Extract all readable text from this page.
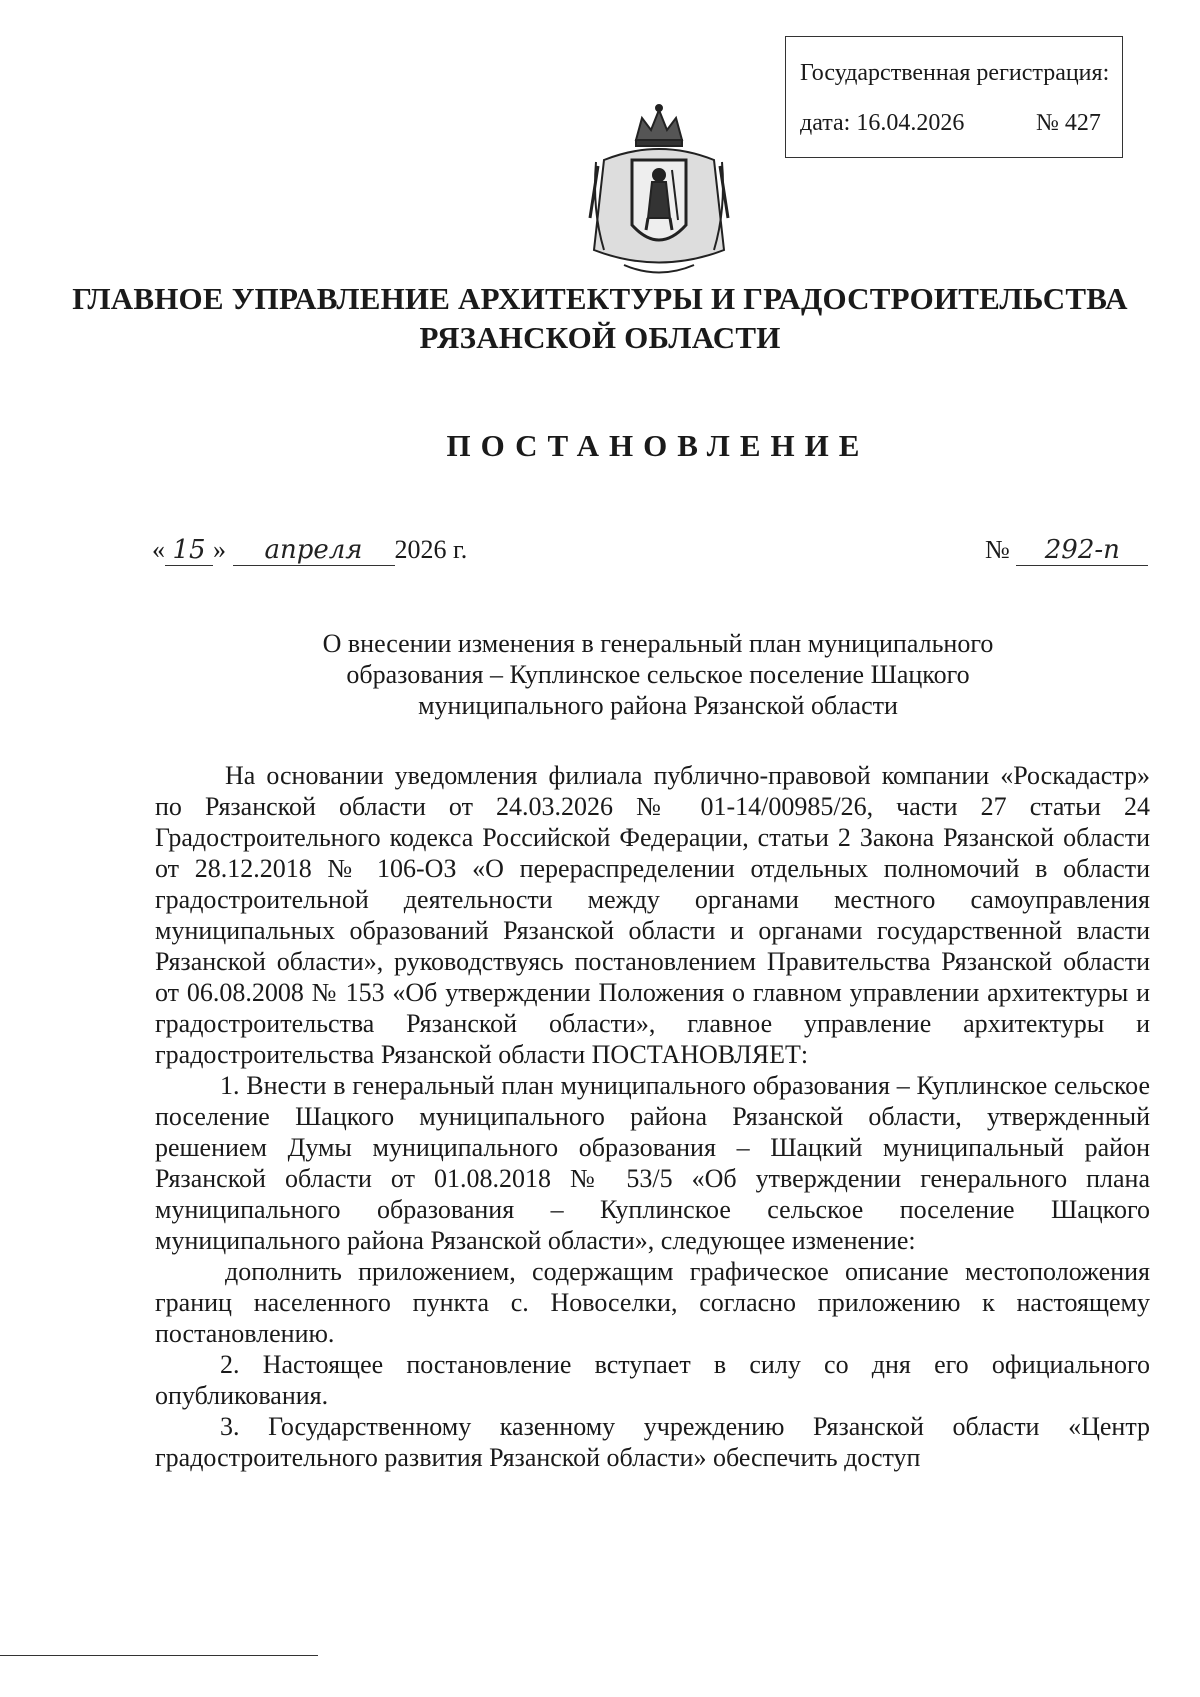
Государственная регистрация:
дата: 16.04.2026	№ 427
ГЛАВНОЕ УПРАВЛЕНИЕ АРХИТЕКТУРЫ И ГРАДОСТРОИТЕЛЬСТВА
РЯЗАНСКОЙ ОБЛАСТИ
ПОСТАНОВЛЕНИЕ
« 15 » апреля 2026 г.	№ 292-п
О внесении изменения в генеральный план муниципального
образования – Куплинское сельское поселение Шацкого
муниципального района Рязанской области

На основании уведомления филиала публично-правовой компании «Роскадастр» по Рязанской области от 24.03.2026 № 01-14/00985/26, части 27 статьи 24 Градостроительного кодекса Российской Федерации, статьи 2 Закона Рязанской области от 28.12.2018 № 106-ОЗ «О перераспределении отдельных полномочий в области градостроительной деятельности между органами местного самоуправления муниципальных образований Рязанской области и органами государственной власти Рязанской области», руководствуясь постановлением Правительства Рязанской области от 06.08.2008 № 153 «Об утверждении Положения о главном управлении архитектуры и градостроительства Рязанской области», главное управление архитектуры и градостроительства Рязанской области ПОСТАНОВЛЯЕТ:

1. Внести в генеральный план муниципального образования – Куплинское сельское поселение Шацкого муниципального района Рязанской области, утвержденный решением Думы муниципального образования – Шацкий муниципальный район Рязанской области от 01.08.2018 № 53/5 «Об утверждении генерального плана муниципального образования – Куплинское сельское поселение Шацкого муниципального района Рязанской области», следующее изменение:

дополнить приложением, содержащим графическое описание местоположения границ населенного пункта с. Новоселки, согласно приложению к настоящему постановлению.

2. Настоящее постановление вступает в силу со дня его официального опубликования.

3. Государственному казенному учреждению Рязанской области «Центр градостроительного развития Рязанской области» обеспечить доступ
